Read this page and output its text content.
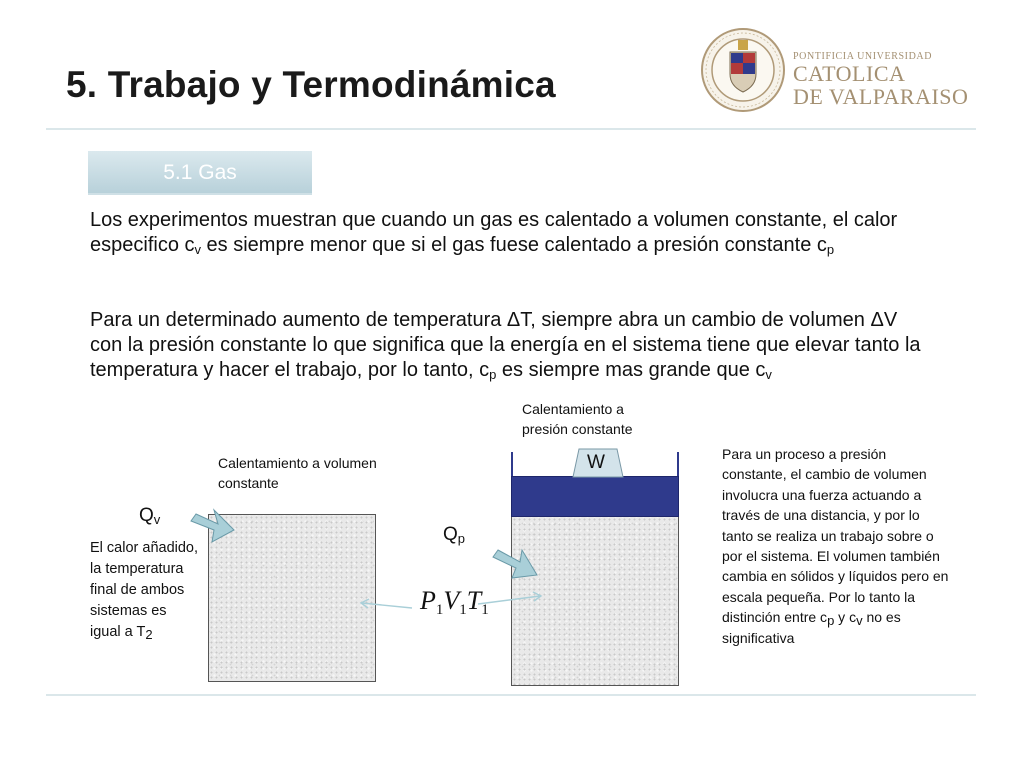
5. Trabajo y Termodinámica
PONTIFICIA UNIVERSIDAD
CATOLICA
DE VALPARAISO
5.1 Gas
Los experimentos muestran que cuando un gas es calentado a volumen constante, el calor especifico $c_v$ es siempre menor que si el gas fuese calentado a presión constante $c_p$
Para un determinado aumento de temperatura ΔT, siempre abra un cambio de volumen ΔV con la presión constante lo que significa que la energía en el sistema tiene que elevar tanto la temperatura y hacer el trabajo, por lo tanto, $c_p$ es siempre mas grande que $c_v$
Calentamiento a volumen constante
Calentamiento a presión constante
W
$Q_v$
$Q_p$
$P_1V_1T_1$
El calor añadido, la temperatura final de ambos sistemas es igual a $T_2$
Para un proceso a presión constante, el cambio de volumen involucra una fuerza actuando a través de una distancia, y por lo tanto se realiza un trabajo sobre o por el sistema. El volumen también cambia en sólidos y líquidos pero en escala pequeña. Por lo tanto la distinción entre $c_p$ y $c_v$ no es significativa
